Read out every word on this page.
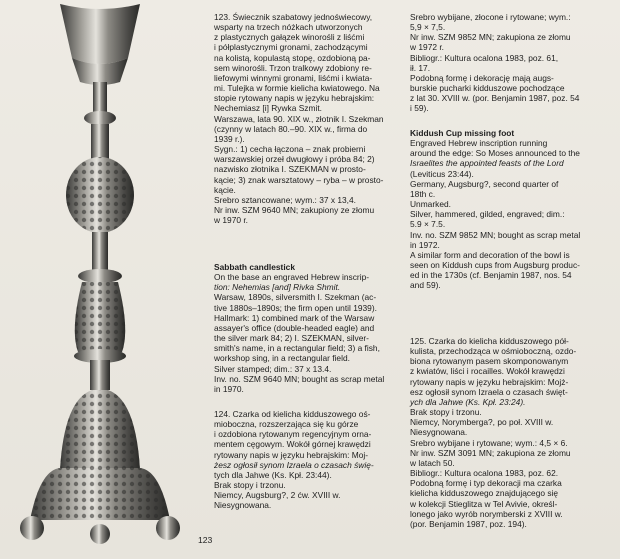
123. Świecznik szabatowy jednoświecowy,
wsparty na trzech nóżkach utworzonych
z plastycznych gałązek winorośli z liśćmi
i półplastycznymi gronami, zachodzącymi
na kolistą, kopulastą stopę, ozdobioną pa-
sem winorośli. Trzon tralkowy zdobiony re-
liefowymi winnymi gronami, liśćmi i kwiata-
mi. Tulejka w formie kielicha kwiatowego. Na
stopie rytowany napis w języku hebrajskim:
Nechemiasz [i] Rywka Szmit.
Warszawa, lata 90. XIX w., złotnik I. Szekman
(czynny w latach 80.–90. XIX w., firma do
1939 r.).
Sygn.: 1) cecha łączona – znak probierni
warszawskiej orzeł dwugłowy i próba 84; 2)
nazwisko złotnika I. SZEKMAN w prosto-
kącie; 3) znak warsztatowy – ryba – w prosto-
kącie.
Srebro sztancowane; wym.: 37 x 13,4.
Nr inw. SZM 9640 MN; zakupiony ze złomu
w 1970 r.
Sabbath candlestick
On the base an engraved Hebrew inscrip-
tion: Nehemias [and] Rivka Shmit.
Warsaw, 1890s, silversmith I. Szekman (ac-
tive 1880s–1890s; the firm open until 1939).
Hallmark: 1) combined mark of the Warsaw
assayer's office (double-headed eagle) and
the silver mark 84; 2) I. SZEKMAN, silver-
smith's name, in a rectangular field; 3) a fish,
workshop sing, in a rectangular field.
Silver stamped; dim.: 37 x 13.4.
Inv. no. SZM 9640 MN; bought as scrap metal
in 1970.
124. Czarka od kielicha kidduszowego oś-
mioboczna, rozszerzająca się ku górze
i ozdobiona rytowanym regencyjnym orna-
mentem cęgowym. Wokół górnej krawędzi
rytowany napis w języku hebrajskim: Moj-
żesz ogłosił synom Izraela o czasach świę-
tych dla Jahwe (Ks. Kpł. 23:44).
Brak stopy i trzonu.
Niemcy, Augsburg?, 2 ćw. XVIII w.
Niesygnowana.
Srebro wybijane, złocone i rytowane; wym.:
5,9 × 7,5.
Nr inw. SZM 9852 MN; zakupiona ze złomu
w 1972 r.
Bibliogr.: Kultura ocalona 1983, poz. 61,
ił. 17.
Podobną formę i dekorację mają augs-
burskie pucharki kidduszowe pochodzące
z lat 30. XVIII w. (por. Benjamin 1987, poz. 54
i 59).
Kiddush Cup missing foot
Engraved Hebrew inscription running
around the edge: So Moses announced to the
Israelites the appointed feasts of the Lord
(Leviticus 23:44).
Germany, Augsburg?, second quarter of
18th c.
Unmarked.
Silver, hammered, gilded, engraved; dim.:
5.9 × 7.5.
Inv. no. SZM 9852 MN; bought as scrap metal
in 1972.
A similar form and decoration of the bowl is
seen on Kiddush cups from Augsburg produc-
ed in the 1730s (cf. Benjamin 1987, nos. 54
and 59).
125. Czarka do kielicha kidduszowego pół-
kulista, przechodząca w ośmioboczną, ozdo-
biona rytowanym pasem skomponowanym
z kwiatów, liści i rocailles. Wokół krawędzi
rytowany napis w języku hebrajskim: Mojż-
esz ogłosił synom Izraela o czasach święt-
ych dla Jahwe (Ks. Kpł. 23:24).
Brak stopy i trzonu.
Niemcy, Norymberga?, po poł. XVIII w.
Niesygnowana.
Srebro wybijane i rytowane; wym.: 4,5 × 6.
Nr inw. SZM 3091 MN; zakupiona ze złomu
w latach 50.
Bibliogr.: Kultura ocalona 1983, poz. 62.
Podobną formę i typ dekoracji ma czarka
kielicha kidduszowego znajdującego się
w kolekcji Stieglitza w Tel Avivie, określ-
lonego jako wyrób norymberski z XVIII w.
(por. Benjamin 1987, poz. 194).
123
